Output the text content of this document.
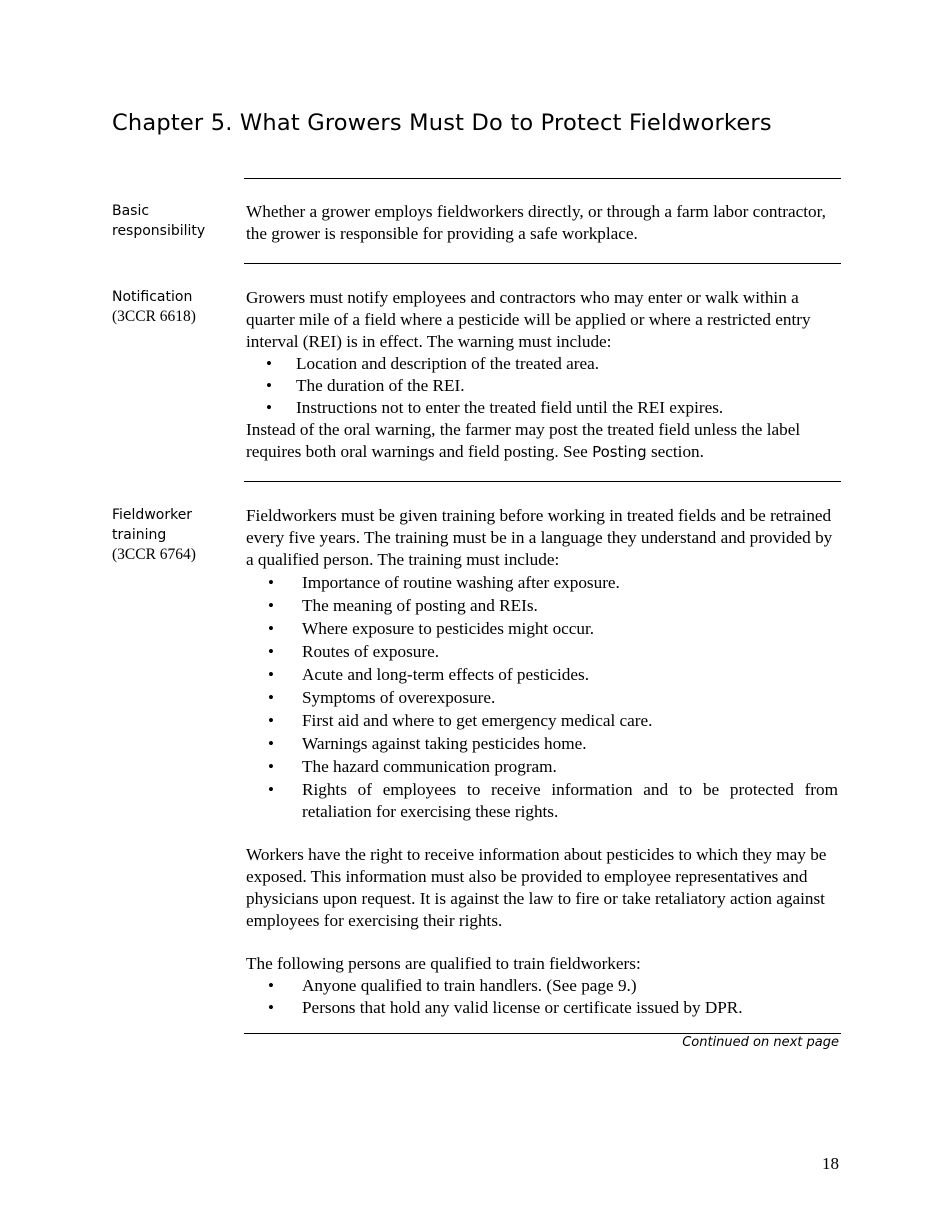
Chapter 5. What Growers Must Do to Protect Fieldworkers
Basic responsibility

Whether a grower employs fieldworkers directly, or through a farm labor contractor, the grower is responsible for providing a safe workplace.

Notification
(3CCR 6618)

Growers must notify employees and contractors who may enter or walk within a quarter mile of a field where a pesticide will be applied or where a restricted entry interval (REI) is in effect. The warning must include:

• Location and description of the treated area.
• The duration of the REI.
• Instructions not to enter the treated field until the REI expires.

Instead of the oral warning, the farmer may post the treated field unless the label requires both oral warnings and field posting. See Posting section.

Fieldworker training
(3CCR 6764)

Fieldworkers must be given training before working in treated fields and be retrained every five years. The training must be in a language they understand and provided by a qualified person. The training must include:

• Importance of routine washing after exposure.
• The meaning of posting and REIs.
• Where exposure to pesticides might occur.
• Routes of exposure.
• Acute and long-term effects of pesticides.
• Symptoms of overexposure.
• First aid and where to get emergency medical care.
• Warnings against taking pesticides home.
• The hazard communication program.
• Rights of employees to receive information and to be protected from retaliation for exercising these rights.

Workers have the right to receive information about pesticides to which they may be exposed. This information must also be provided to employee representatives and physicians upon request. It is against the law to fire or take retaliatory action against employees for exercising their rights.

The following persons are qualified to train fieldworkers:

• Anyone qualified to train handlers. (See page 9.)
• Persons that hold any valid license or certificate issued by DPR.
Continued on next page
18
